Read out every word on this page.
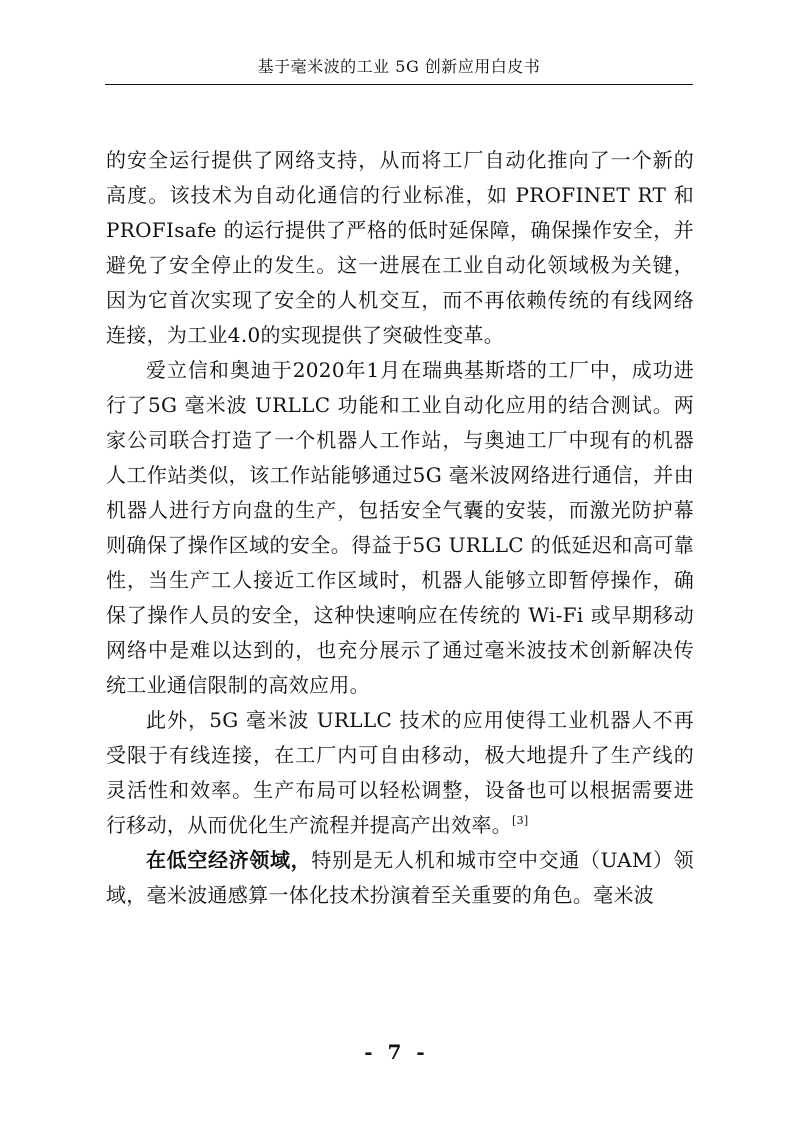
基于毫米波的工业 5G 创新应用白皮书

的安全运行提供了网络支持，从而将工厂自动化推向了一个新的高度。该技术为自动化通信的行业标准，如 PROFINET RT 和 PROFIsafe 的运行提供了严格的低时延保障，确保操作安全，并避免了安全停止的发生。这一进展在工业自动化领域极为关键，因为它首次实现了安全的人机交互，而不再依赖传统的有线网络连接，为工业4.0的实现提供了突破性变革。

爱立信和奥迪于2020年1月在瑞典基斯塔的工厂中，成功进行了5G 毫米波 URLLC 功能和工业自动化应用的结合测试。两家公司联合打造了一个机器人工作站，与奥迪工厂中现有的机器人工作站类似，该工作站能够通过5G 毫米波网络进行通信，并由机器人进行方向盘的生产，包括安全气囊的安装，而激光防护幕则确保了操作区域的安全。得益于5G URLLC 的低延迟和高可靠性，当生产工人接近工作区域时，机器人能够立即暂停操作，确保了操作人员的安全，这种快速响应在传统的 Wi-Fi 或早期移动网络中是难以达到的，也充分展示了通过毫米波技术创新解决传统工业通信限制的高效应用。

此外，5G 毫米波 URLLC 技术的应用使得工业机器人不再受限于有线连接，在工厂内可自由移动，极大地提升了生产线的灵活性和效率。生产布局可以轻松调整，设备也可以根据需要进行移动，从而优化生产流程并提高产出效率。[3]

在低空经济领域，特别是无人机和城市空中交通（UAM）领域，毫米波通感算一体化技术扮演着至关重要的角色。毫米波

- 7 -
